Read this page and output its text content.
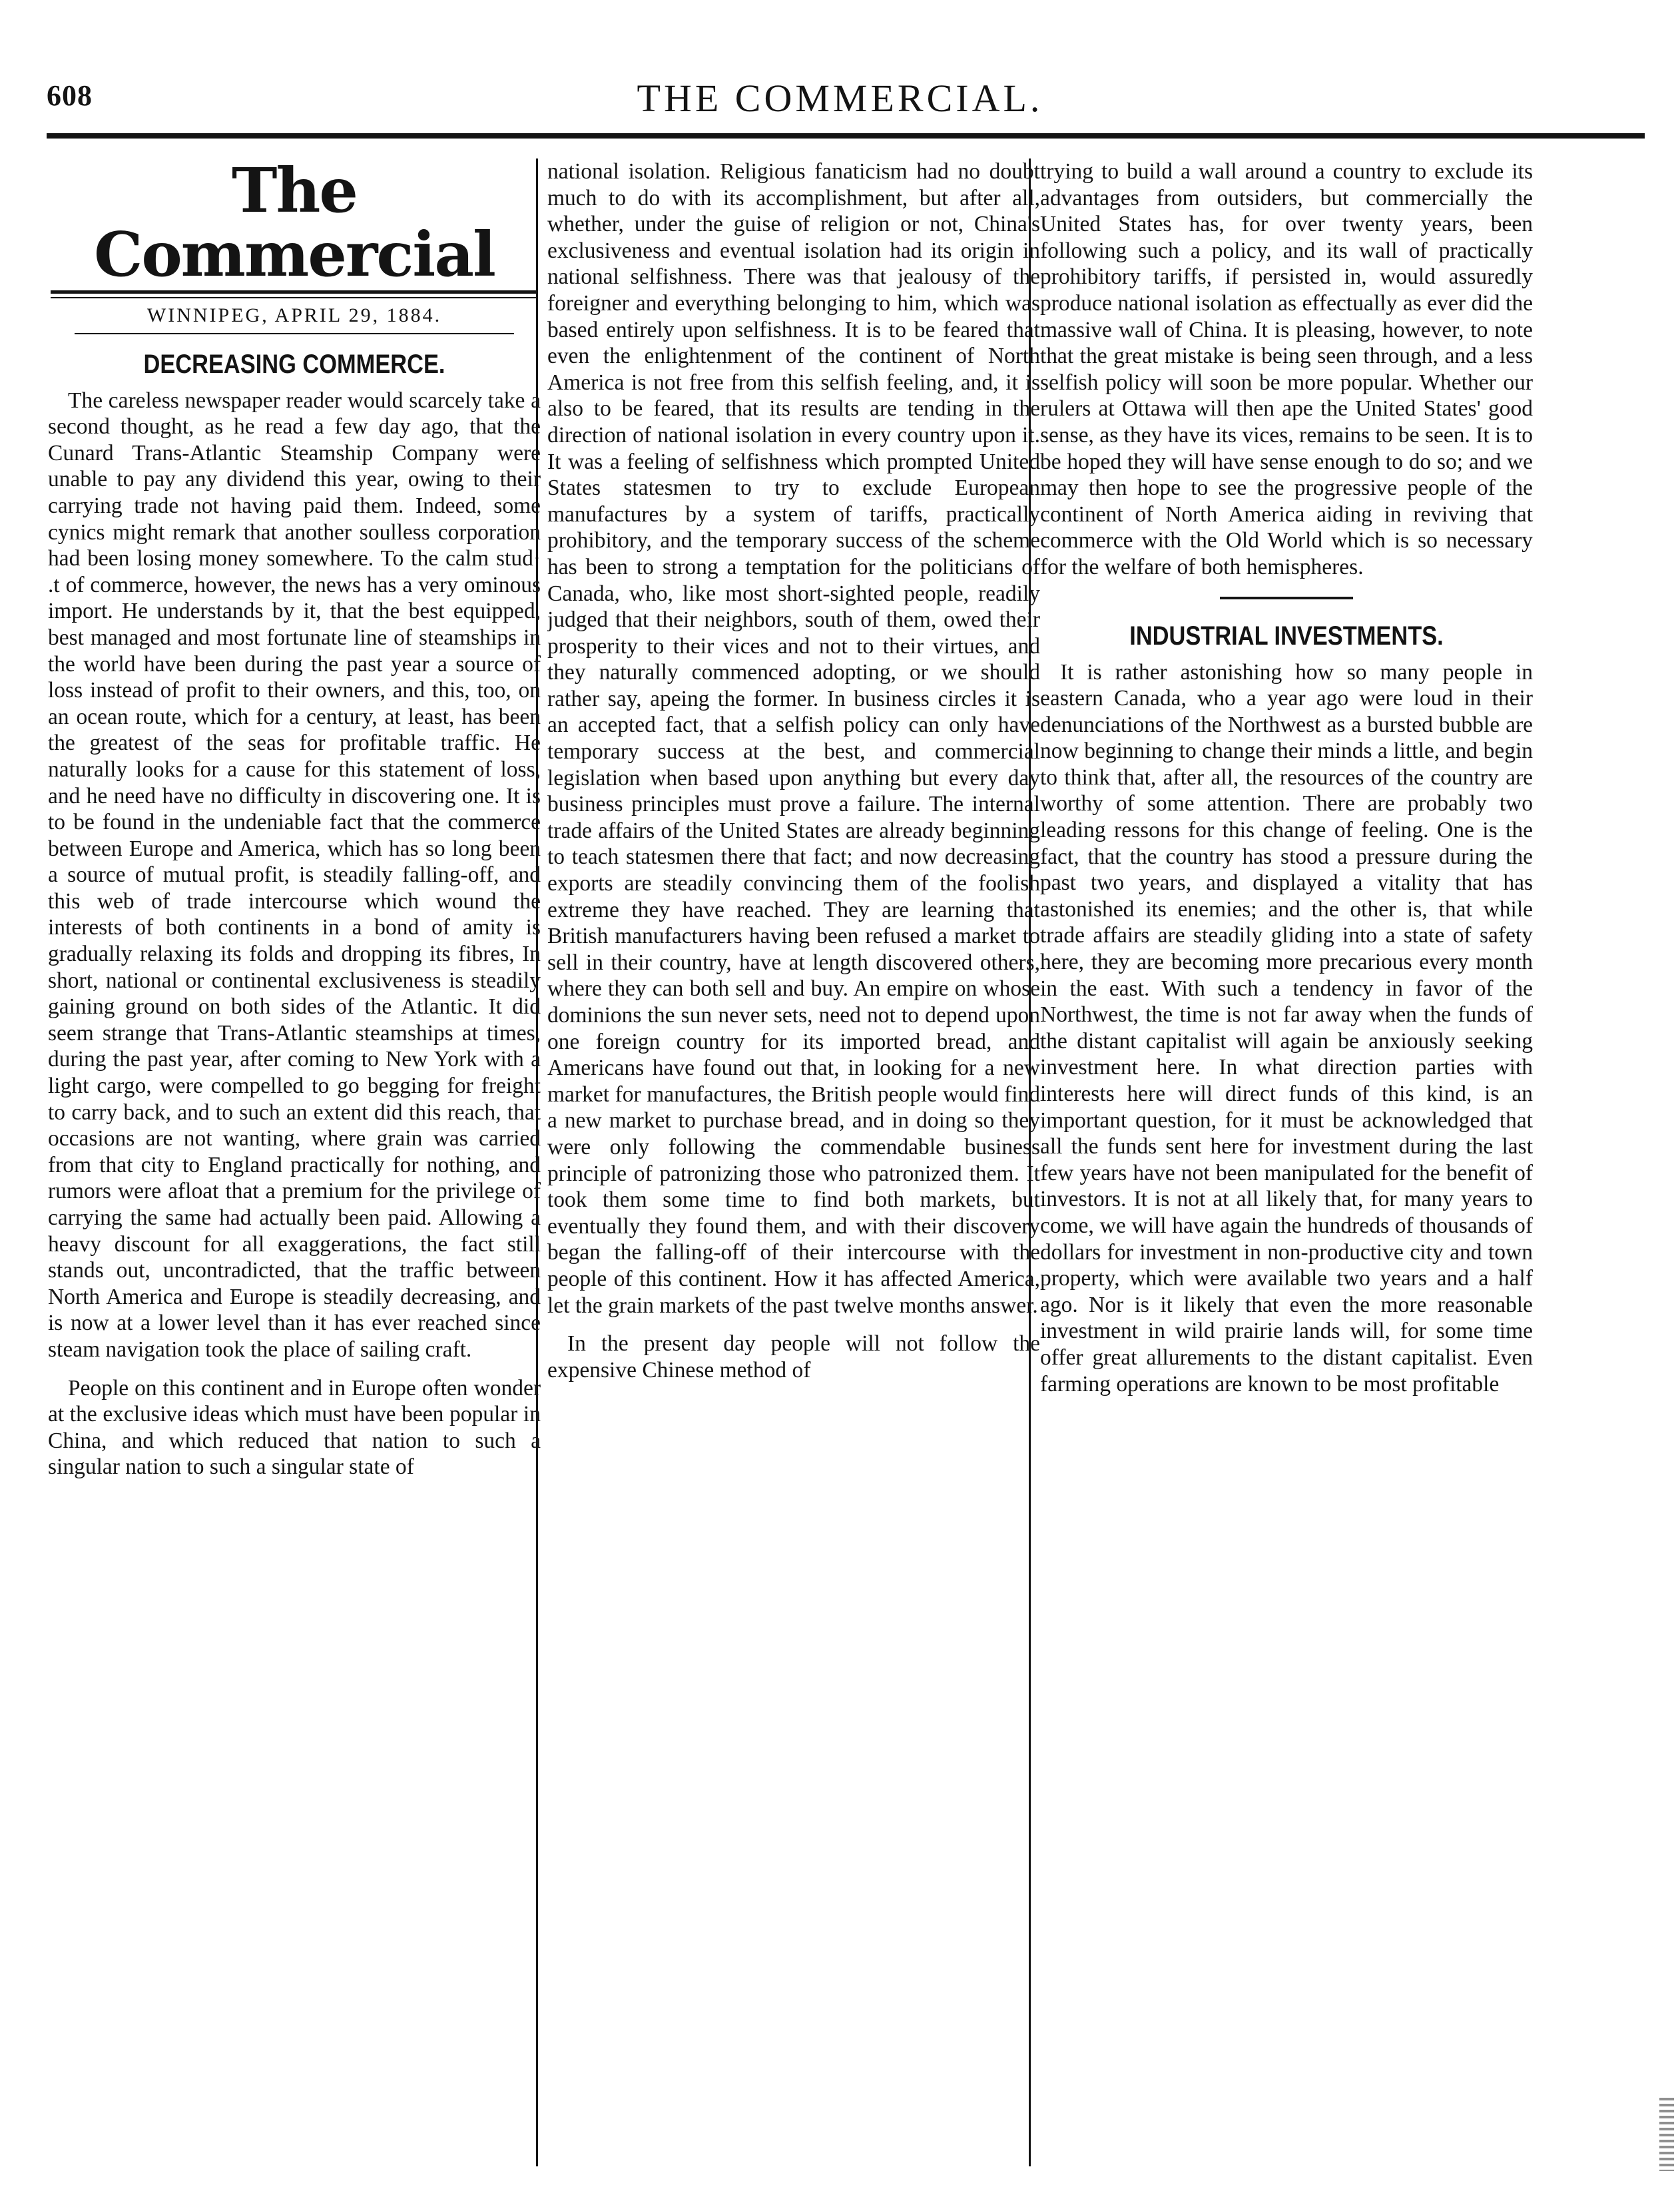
608	THE COMMERCIAL.
The Commercial
WINNIPEG, APRIL 29, 1884.
DECREASING COMMERCE.

The careless newspaper reader would scarcely take a second thought, as he read a few day ago, that the Cunard Trans-Atlantic Steamship Company were unable to pay any dividend this year, owing to their carrying trade not having paid them. Indeed, some cynics might remark that another soulless corporation had been losing money somewhere. To the calm stud· .t of commerce, however, the news has a very ominous import. He understands by it, that the best equipped, best managed and most fortunate line of steamships in the world have been during the past year a source of loss instead of profit to their owners, and this, too, on an ocean route, which for a century, at least, has been the greatest of the seas for profitable traffic. He naturally looks for a cause for this statement of loss, and he need have no difficulty in discovering one. It is to be found in the undeniable fact that the commerce between Europe and America, which has so long been a source of mutual profit, is steadily falling-off, and this web of trade intercourse which wound the interests of both continents in a bond of amity is gradually relaxing its folds and dropping its fibres, In short, national or continental exclusiveness is steadily gaining ground on both sides of the Atlantic. It did seem strange that Trans-Atlantic steamships at times, during the past year, after coming to New York with a light cargo, were compelled to go begging for freight to carry back, and to such an extent did this reach, that occasions are not wanting, where grain was carried from that city to England practically for nothing, and rumors were afloat that a premium for the privilege of carrying the same had actually been paid. Allowing a heavy discount for all exaggerations, the fact still stands out, uncontradicted, that the traffic between North America and Europe is steadily decreasing, and is now at a lower level than it has ever reached since steam navigation took the place of sailing craft.

People on this continent and in Europe often wonder at the exclusive ideas which must have been popular in China, and which reduced that nation to such a singular nation to such a singular state of

national isolation. Religious fanaticism had no doubt much to do with its accomplishment, but after all, whether, under the guise of religion or not, China's exclusiveness and eventual isolation had its origin in national selfishness. There was that jealousy of the foreigner and everything belonging to him, which was based entirely upon selfishness. It is to be feared that even the enlightenment of the continent of North America is not free from this selfish feeling, and, it is also to be feared, that its results are tending in the direction of national isolation in every country upon it. It was a feeling of selfishness which prompted United States statesmen to try to exclude European manufactures by a system of tariffs, practically prohibitory, and the temporary success of the scheme has been to strong a temptation for the politicians of Canada, who, like most short-sighted people, readily judged that their neighbors, south of them, owed their prosperity to their vices and not to their virtues, and they naturally commenced adopting, or we should rather say, apeing the former. In business circles it is an accepted fact, that a selfish policy can only have temporary success at the best, and commercial legislation when based upon anything but every day business principles must prove a failure. The internal trade affairs of the United States are already beginning to teach statesmen there that fact; and now decreasing exports are steadily convincing them of the foolish extreme they have reached. They are learning that British manufacturers having been refused a market to sell in their country, have at length discovered others, where they can both sell and buy. An empire on whose dominions the sun never sets, need not to depend upon one foreign country for its imported bread, and Americans have found out that, in looking for a new market for manufactures, the British people would find a new market to purchase bread, and in doing so they were only following the commendable business principle of patronizing those who patronized them. It took them some time to find both markets, but eventually they found them, and with their discovery began the falling-off of their intercourse with the people of this continent. How it has affected America, let the grain markets of the past twelve months answer.

In the present day people will not follow the expensive Chinese method of

trying to build a wall around a country to exclude its advantages from outsiders, but commercially the United States has, for over twenty years, been following such a policy, and its wall of practically prohibitory tariffs, if persisted in, would assuredly produce national isolation as effectually as ever did the massive wall of China. It is pleasing, however, to note that the great mistake is being seen through, and a less selfish policy will soon be more popular. Whether our rulers at Ottawa will then ape the United States' good sense, as they have its vices, remains to be seen. It is to be hoped they will have sense enough to do so; and we may then hope to see the progressive people of the continent of North America aiding in reviving that commerce with the Old World which is so necessary for the welfare of both hemispheres.

INDUSTRIAL INVESTMENTS.

It is rather astonishing how so many people in eastern Canada, who a year ago were loud in their denunciations of the Northwest as a bursted bubble are now beginning to change their minds a little, and begin to think that, after all, the resources of the country are worthy of some attention. There are probably two leading ressons for this change of feeling. One is the fact, that the country has stood a pressure during the past two years, and displayed a vitality that has astonished its enemies; and the other is, that while trade affairs are steadily gliding into a state of safety here, they are becoming more precarious every month in the east. With such a tendency in favor of the Northwest, the time is not far away when the funds of the distant capitalist will again be anxiously seeking investment here. In what direction parties with interests here will direct funds of this kind, is an important question, for it must be acknowledged that all the funds sent here for investment during the last few years have not been manipulated for the benefit of investors. It is not at all likely that, for many years to come, we will have again the hundreds of thousands of dollars for investment in non-productive city and town property, which were available two years and a half ago. Nor is it likely that even the more reasonable investment in wild prairie lands will, for some time offer great allurements to the distant capitalist. Even farming operations are known to be most profitable
